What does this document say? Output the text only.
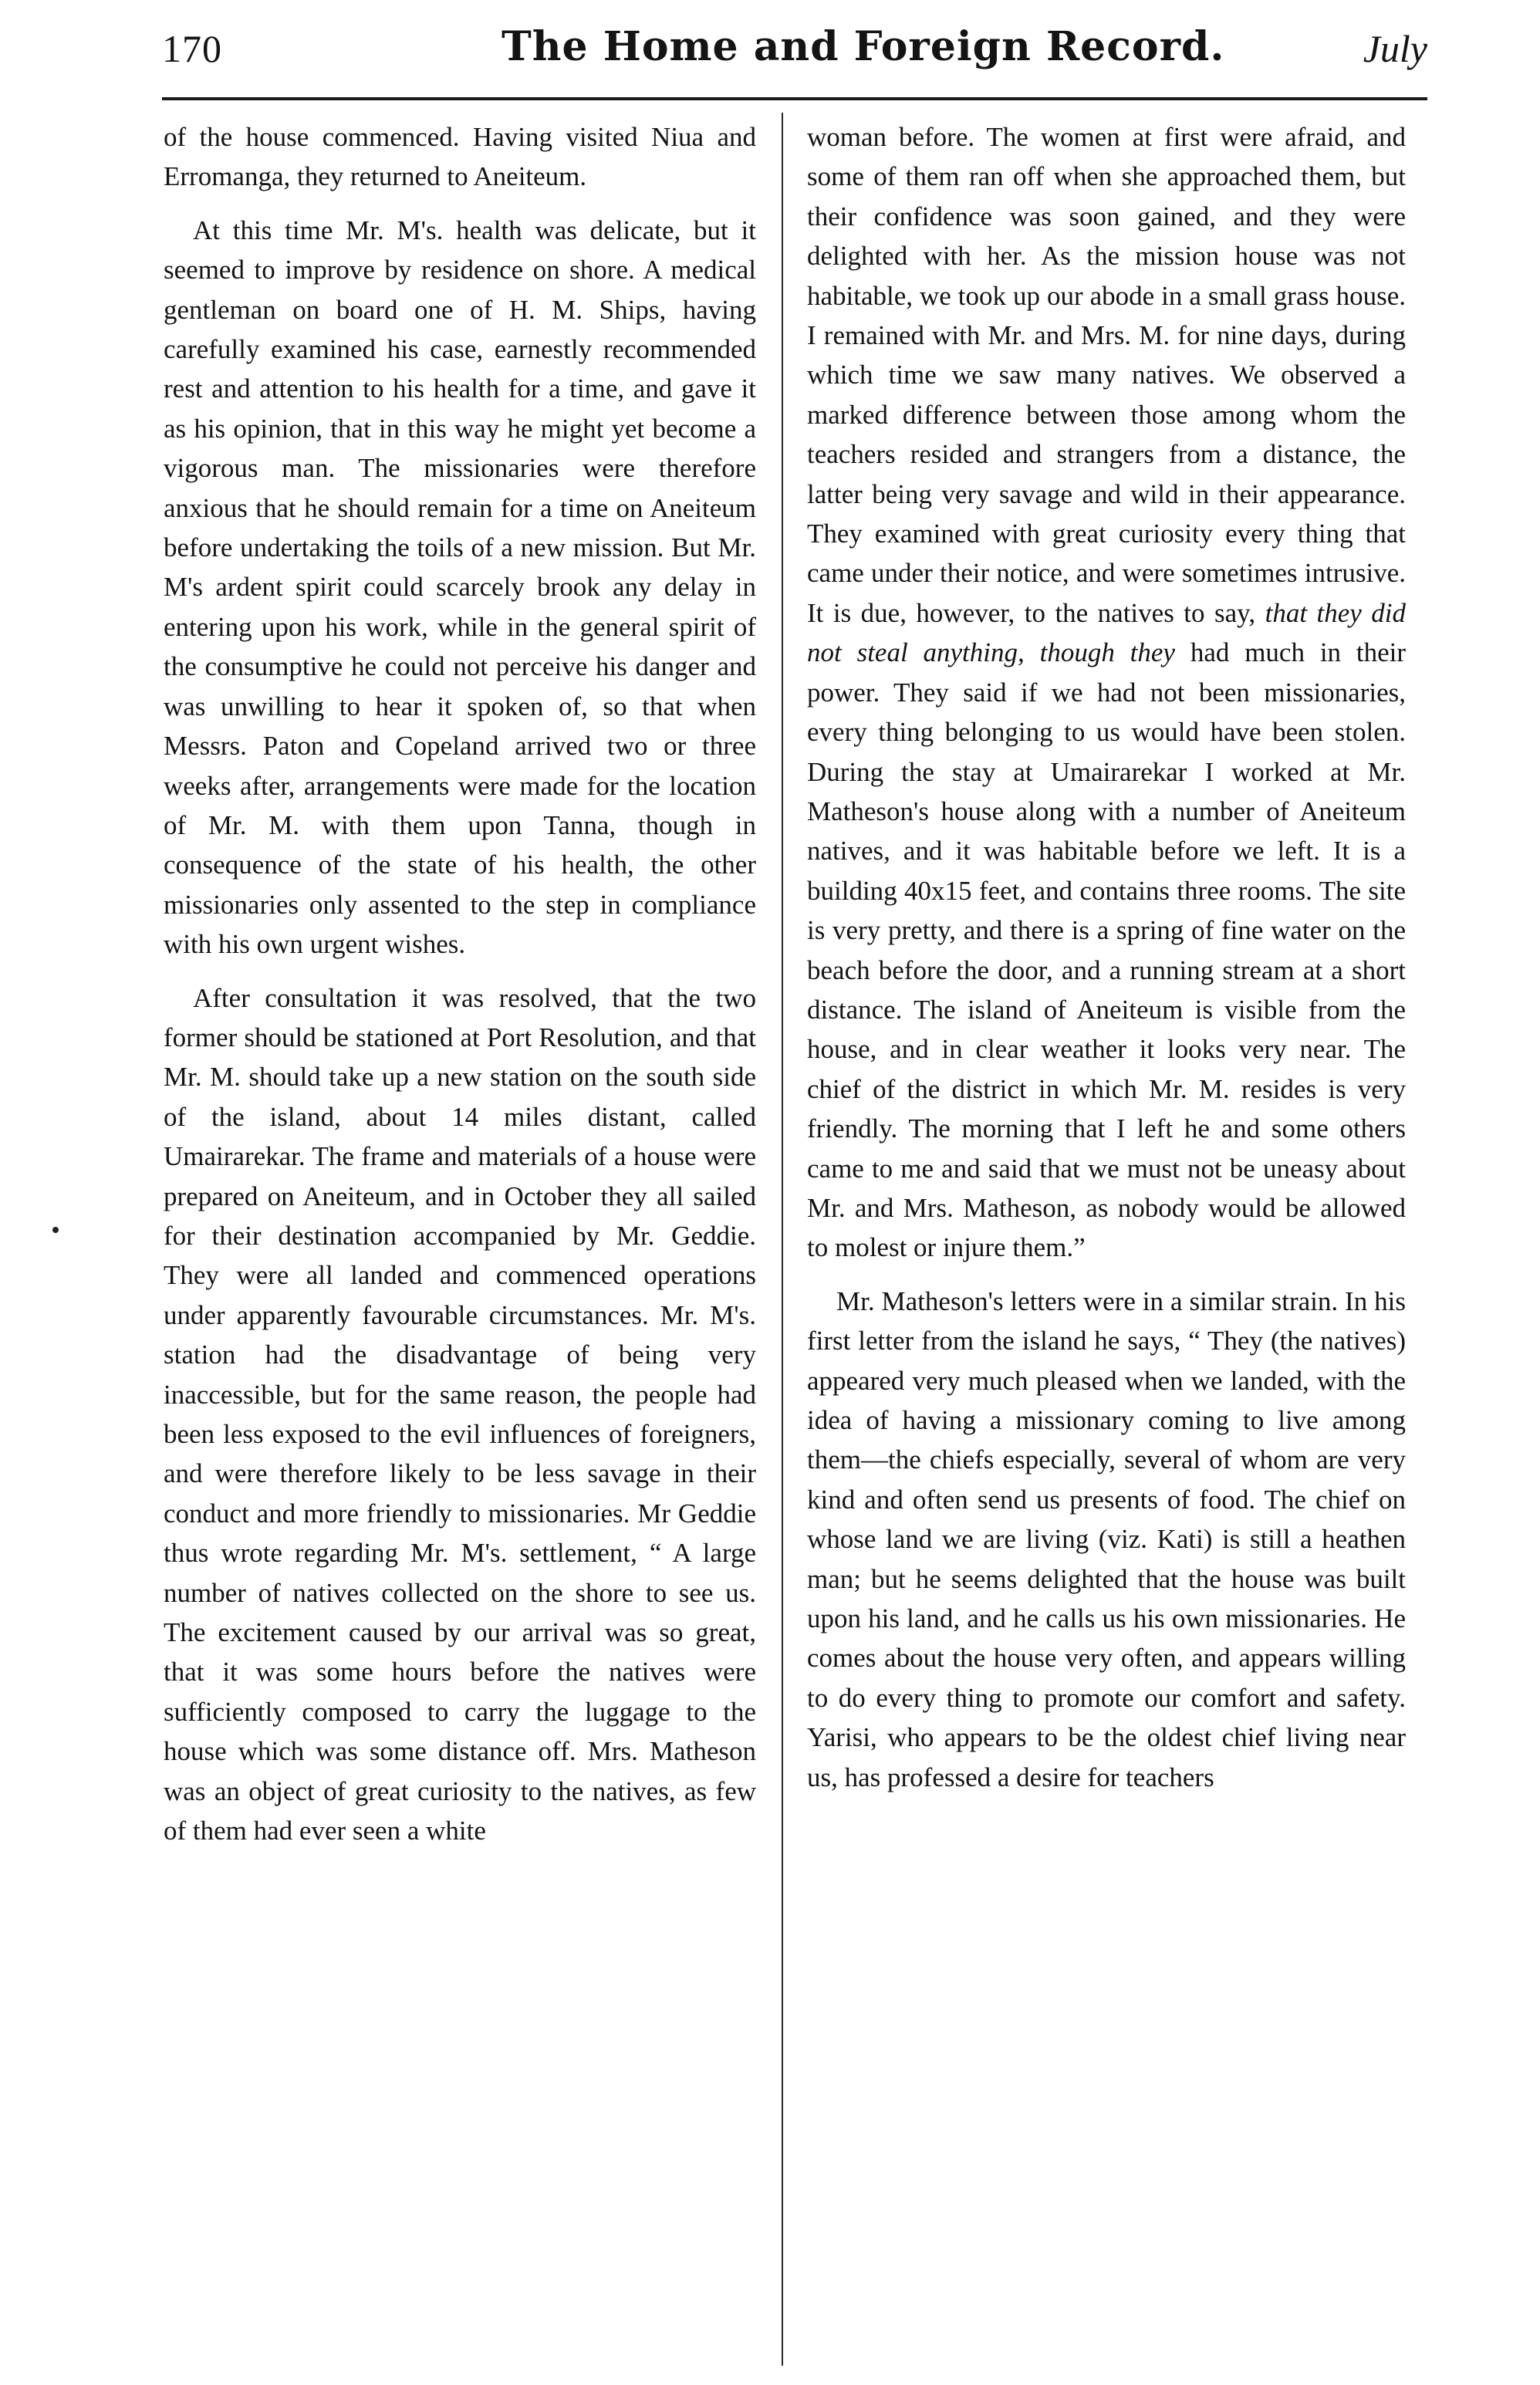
170	The Home and Foreign Record.	July

of the house commenced. Having visited Niua and Erromanga, they returned to Aneiteum.

At this time Mr. M's. health was delicate, but it seemed to improve by residence on shore. A medical gentleman on board one of H. M. Ships, having carefully examined his case, earnestly recommended rest and attention to his health for a time, and gave it as his opinion, that in this way he might yet become a vigorous man. The missionaries were therefore anxious that he should remain for a time on Aneiteum before undertaking the toils of a new mission. But Mr. M's ardent spirit could scarcely brook any delay in entering upon his work, while in the general spirit of the consumptive he could not perceive his danger and was unwilling to hear it spoken of, so that when Messrs. Paton and Copeland arrived two or three weeks after, arrangements were made for the location of Mr. M. with them upon Tanna, though in consequence of the state of his health, the other missionaries only assented to the step in compliance with his own urgent wishes.

After consultation it was resolved, that the two former should be stationed at Port Resolution, and that Mr. M. should take up a new station on the south side of the island, about 14 miles distant, called Umairarekar. The frame and materials of a house were prepared on Aneiteum, and in October they all sailed for their destination accompanied by Mr. Geddie. They were all landed and commenced operations under apparently favourable circumstances. Mr. M's. station had the disadvantage of being very inaccessible, but for the same reason, the people had been less exposed to the evil influences of foreigners, and were therefore likely to be less savage in their conduct and more friendly to missionaries. Mr Geddie thus wrote regarding Mr. M's. settlement, “ A large number of natives collected on the shore to see us. The excitement caused by our arrival was so great, that it was some hours before the natives were sufficiently composed to carry the luggage to the house which was some distance off. Mrs. Matheson was an object of great curiosity to the natives, as few of them had ever seen a white

woman before. The women at first were afraid, and some of them ran off when she approached them, but their confidence was soon gained, and they were delighted with her. As the mission house was not habitable, we took up our abode in a small grass house. I remained with Mr. and Mrs. M. for nine days, during which time we saw many natives. We observed a marked difference between those among whom the teachers resided and strangers from a distance, the latter being very savage and wild in their appearance. They examined with great curiosity every thing that came under their notice, and were sometimes intrusive. It is due, however, to the natives to say, that they did not steal anything, though they had much in their power. They said if we had not been missionaries, every thing belonging to us would have been stolen. During the stay at Umairarekar I worked at Mr. Matheson's house along with a number of Aneiteum natives, and it was habitable before we left. It is a building 40x15 feet, and contains three rooms. The site is very pretty, and there is a spring of fine water on the beach before the door, and a running stream at a short distance. The island of Aneiteum is visible from the house, and in clear weather it looks very near. The chief of the district in which Mr. M. resides is very friendly. The morning that I left he and some others came to me and said that we must not be uneasy about Mr. and Mrs. Matheson, as nobody would be allowed to molest or injure them.”

Mr. Matheson's letters were in a similar strain. In his first letter from the island he says, “ They (the natives) appeared very much pleased when we landed, with the idea of having a missionary coming to live among them—the chiefs especially, several of whom are very kind and often send us presents of food. The chief on whose land we are living (viz. Kati) is still a heathen man; but he seems delighted that the house was built upon his land, and he calls us his own missionaries. He comes about the house very often, and appears willing to do every thing to promote our comfort and safety. Yarisi, who appears to be the oldest chief living near us, has professed a desire for teachers
